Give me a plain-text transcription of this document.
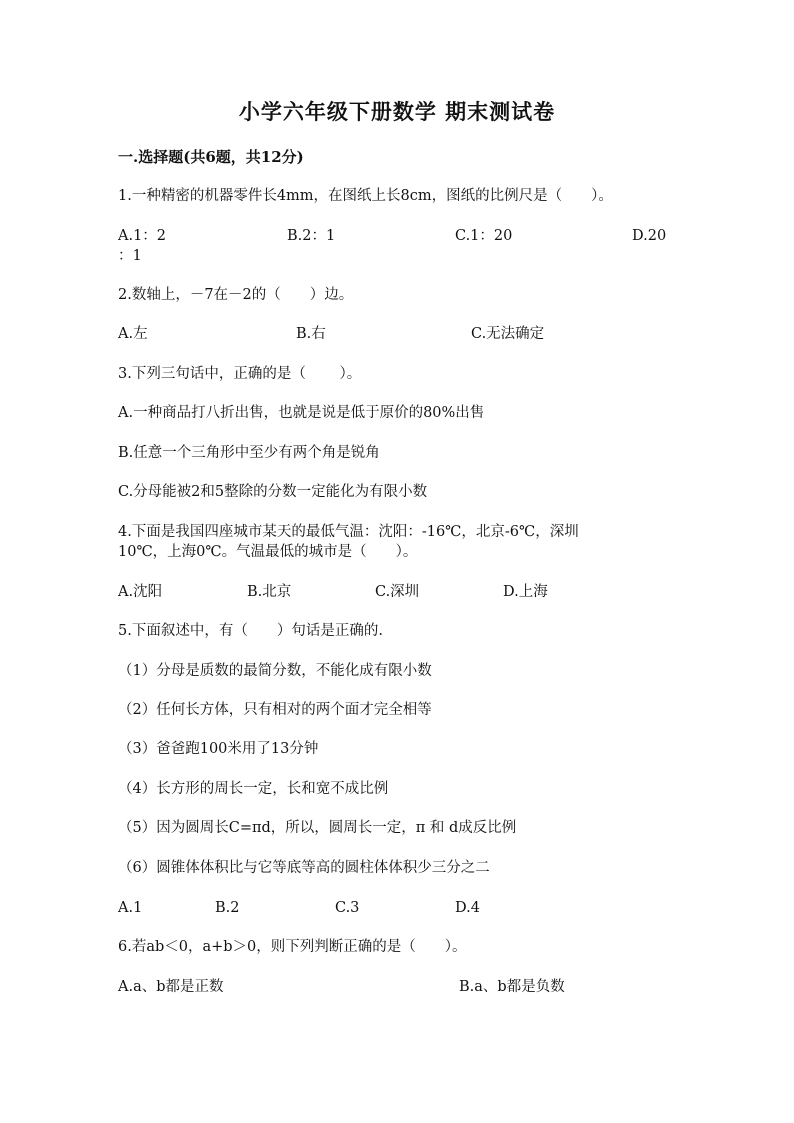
小学六年级下册数学 期末测试卷
一.选择题(共6题，共12分)
1.一种精密的机器零件长4mm，在图纸上长8cm，图纸的比例尺是（　　）。
A.1：2	B.2：1	C.1：20	D.20
：1
2.数轴上，－7在－2的（　　）边。
A.左	B.右	C.无法确定
3.下列三句话中，正确的是（　　 ）。
A.一种商品打八折出售，也就是说是低于原价的80%出售
B.任意一个三角形中至少有两个角是锐角
C.分母能被2和5整除的分数一定能化为有限小数
4.下面是我国四座城市某天的最低气温：沈阳：-16℃，北京-6℃，深圳
10℃，上海0℃。气温最低的城市是（　　）。
A.沈阳	B.北京	C.深圳	D.上海
5.下面叙述中，有（　　）句话是正确的.
（1）分母是质数的最简分数，不能化成有限小数
（2）任何长方体，只有相对的两个面才完全相等
（3）爸爸跑100米用了13分钟
（4）长方形的周长一定，长和宽不成比例
（5）因为圆周长C=πd，所以，圆周长一定，π 和 d成反比例
（6）圆锥体体积比与它等底等高的圆柱体体积少三分之二
A.1	B.2	C.3	D.4
6.若ab＜0，a+b＞0，则下列判断正确的是（　　）。
A.a、b都是正数	B.a、b都是负数
